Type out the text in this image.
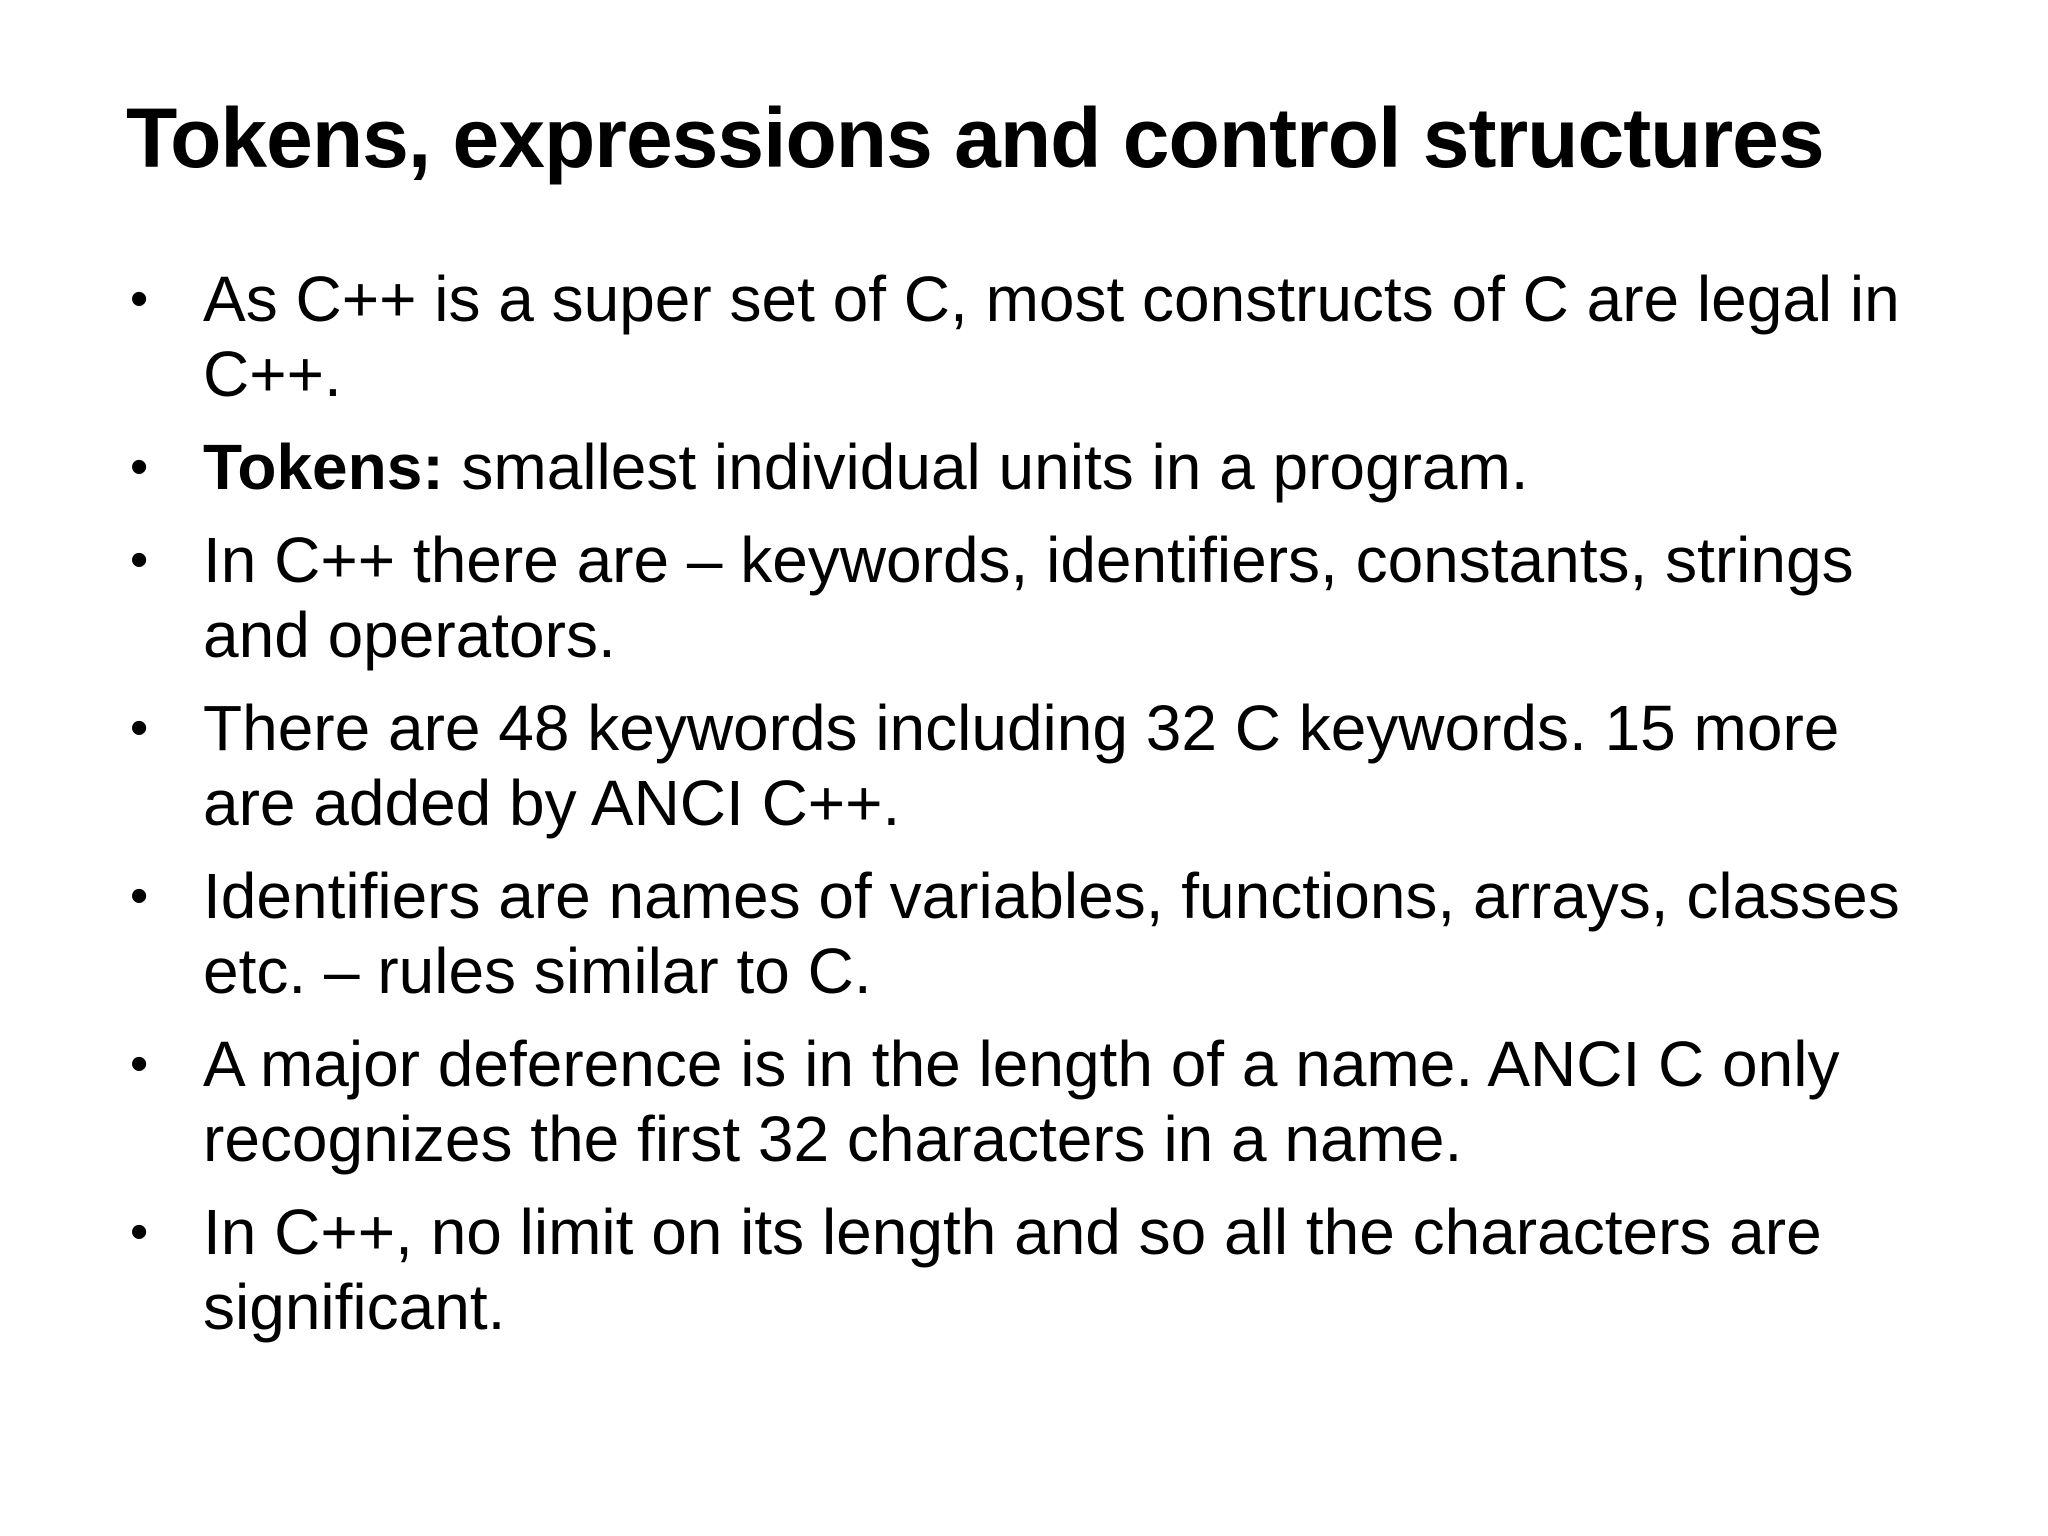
Tokens, expressions and control structures
• As C++ is a super set of C, most constructs of C are legal in C++.
• Tokens: smallest individual units in a program.
• In C++ there are – keywords, identifiers, constants, strings and operators.
• There are 48 keywords including 32 C keywords. 15 more are added by ANCI C++.
• Identifiers are names of variables, functions, arrays, classes etc. – rules similar to C.
• A major deference is in the length of a name. ANCI C only recognizes the first 32 characters in a name.
• In C++, no limit on its length and so all the characters are significant.
